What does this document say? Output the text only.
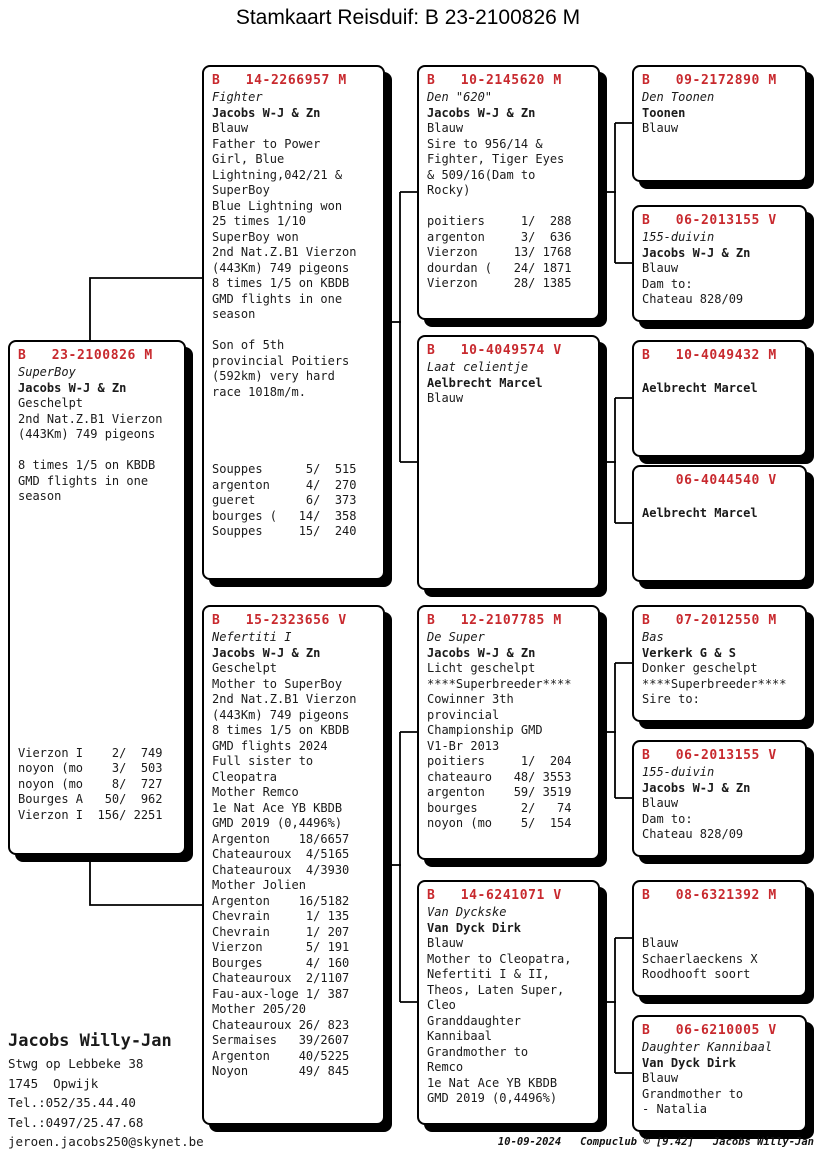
Stamkaart Reisduif: B 23-2100826 M
B   23-2100826 M
SuperBoy
Jacobs W-J & Zn
Geschelpt
2nd Nat.Z.B1 Vierzon
(443Km) 749 pigeons

8 times 1/5 on KBDB
GMD flights in one
season
Vierzon I    2/  749
noyon (mo    3/  503
noyon (mo    8/  727
Bourges A   50/  962
Vierzon I  156/ 2251
B   14-2266957 M
Fighter
Jacobs W-J & Zn
Blauw
Father to Power
Girl, Blue
Lightning,042/21 &
SuperBoy
Blue Lightning won
25 times 1/10
SuperBoy won
2nd Nat.Z.B1 Vierzon
(443Km) 749 pigeons
8 times 1/5 on KBDB
GMD flights in one
season

Son of 5th
provincial Poitiers
(592km) very hard
race 1018m/m.

Souppes      5/  515
argenton     4/  270
gueret       6/  373
bourges (   14/  358
Souppes     15/  240
B   15-2323656 V
Nefertiti I
Jacobs W-J & Zn
Geschelpt
Mother to SuperBoy
2nd Nat.Z.B1 Vierzon
(443Km) 749 pigeons
8 times 1/5 on KBDB
GMD flights 2024
Full sister to
Cleopatra
Mother Remco
1e Nat Ace YB KBDB
GMD 2019 (0,4496%)
Argenton    18/6657
Chateauroux  4/5165
Chateauroux  4/3930
Mother Jolien
Argenton    16/5182
Chevrain     1/ 135
Chevrain     1/ 207
Vierzon      5/ 191
Bourges      4/ 160
Chateauroux  2/1107
Fau-aux-loge 1/ 387
Mother 205/20
Chateauroux 26/ 823
Sermaises   39/2607
Argenton    40/5225
Noyon       49/ 845
B   10-2145620 M
Den "620"
Jacobs W-J & Zn
Blauw
Sire to 956/14 &
Fighter, Tiger Eyes
& 509/16(Dam to
Rocky)

poitiers     1/  288
argenton     3/  636
Vierzon     13/ 1768
dourdan (   24/ 1871
Vierzon     28/ 1385
B   10-4049574 V
Laat celientje
Aelbrecht Marcel
Blauw
B   12-2107785 M
De Super
Jacobs W-J & Zn
Licht geschelpt
****Superbreeder****
Cowinner 3th
provincial
Championship GMD
V1-Br 2013
poitiers     1/  204
chateauro   48/ 3553
argenton    59/ 3519
bourges      2/   74
noyon (mo    5/  154
B   14-6241071 V
Van Dyckske
Van Dyck Dirk
Blauw
Mother to Cleopatra,
Nefertiti I & II,
Theos, Laten Super,
Cleo
Granddaughter
Kannibaal
Grandmother to
Remco
1e Nat Ace YB KBDB
GMD 2019 (0,4496%)
B   09-2172890 M
Den Toonen
Toonen
Blauw
B   06-2013155 V
155-duivin
Jacobs W-J & Zn
Blauw
Dam to:
Chateau 828/09
B   10-4049432 M

Aelbrecht Marcel
06-4044540 V

Aelbrecht Marcel
B   07-2012550 M
Bas
Verkerk G & S
Donker geschelpt
****Superbreeder****
Sire to:
B   06-2013155 V
155-duivin
Jacobs W-J & Zn
Blauw
Dam to:
Chateau 828/09
B   08-6321392 M

Blauw
Schaerlaeckens X
Roodhooft soort
B   06-6210005 V
Daughter Kannibaal
Van Dyck Dirk
Blauw
Grandmother to
- Natalia
Jacobs Willy-Jan
Stwg op Lebbeke 38
1745  Opwijk
Tel.:052/35.44.40
Tel.:0497/25.47.68
jeroen.jacobs250@skynet.be	10-09-2024   Compuclub © [9.42]   Jacobs Willy-Jan
